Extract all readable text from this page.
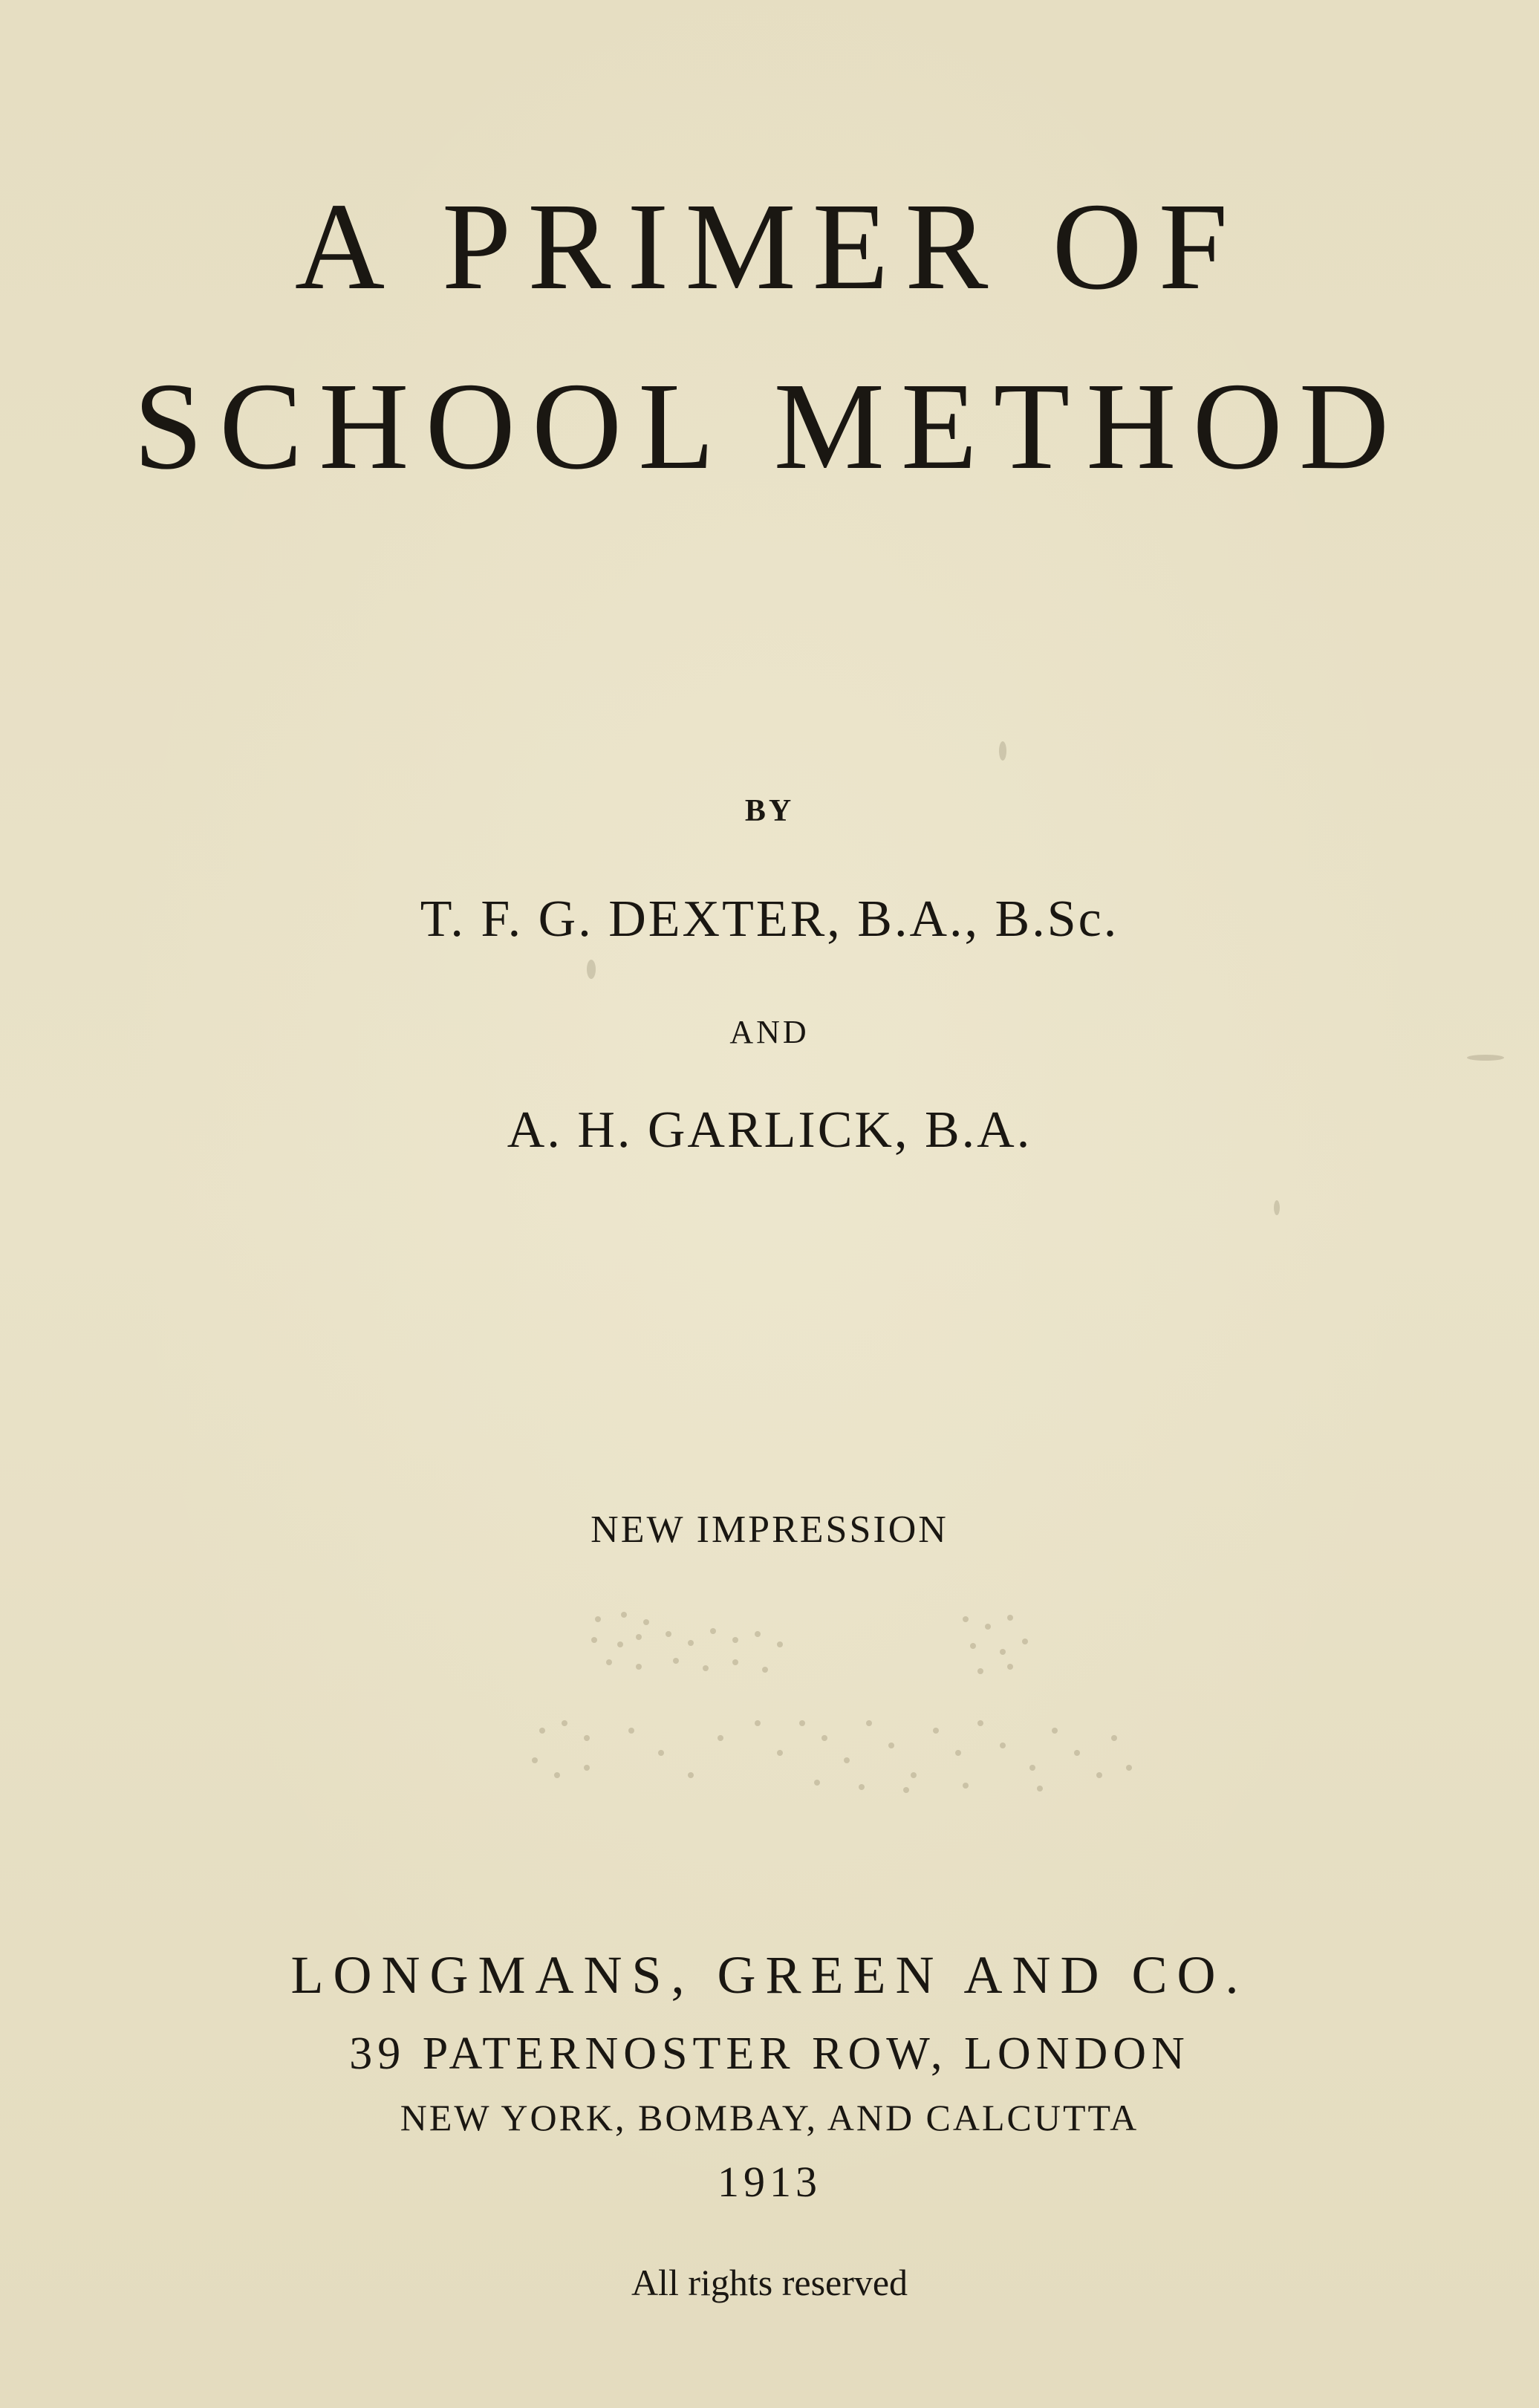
A PRIMER OF
SCHOOL METHOD
BY
T. F. G. DEXTER, B.A., B.Sc.
AND
A. H. GARLICK, B.A.
NEW IMPRESSION
LONGMANS, GREEN AND CO.
39 PATERNOSTER ROW, LONDON
NEW YORK, BOMBAY, AND CALCUTTA
1913
All rights reserved
